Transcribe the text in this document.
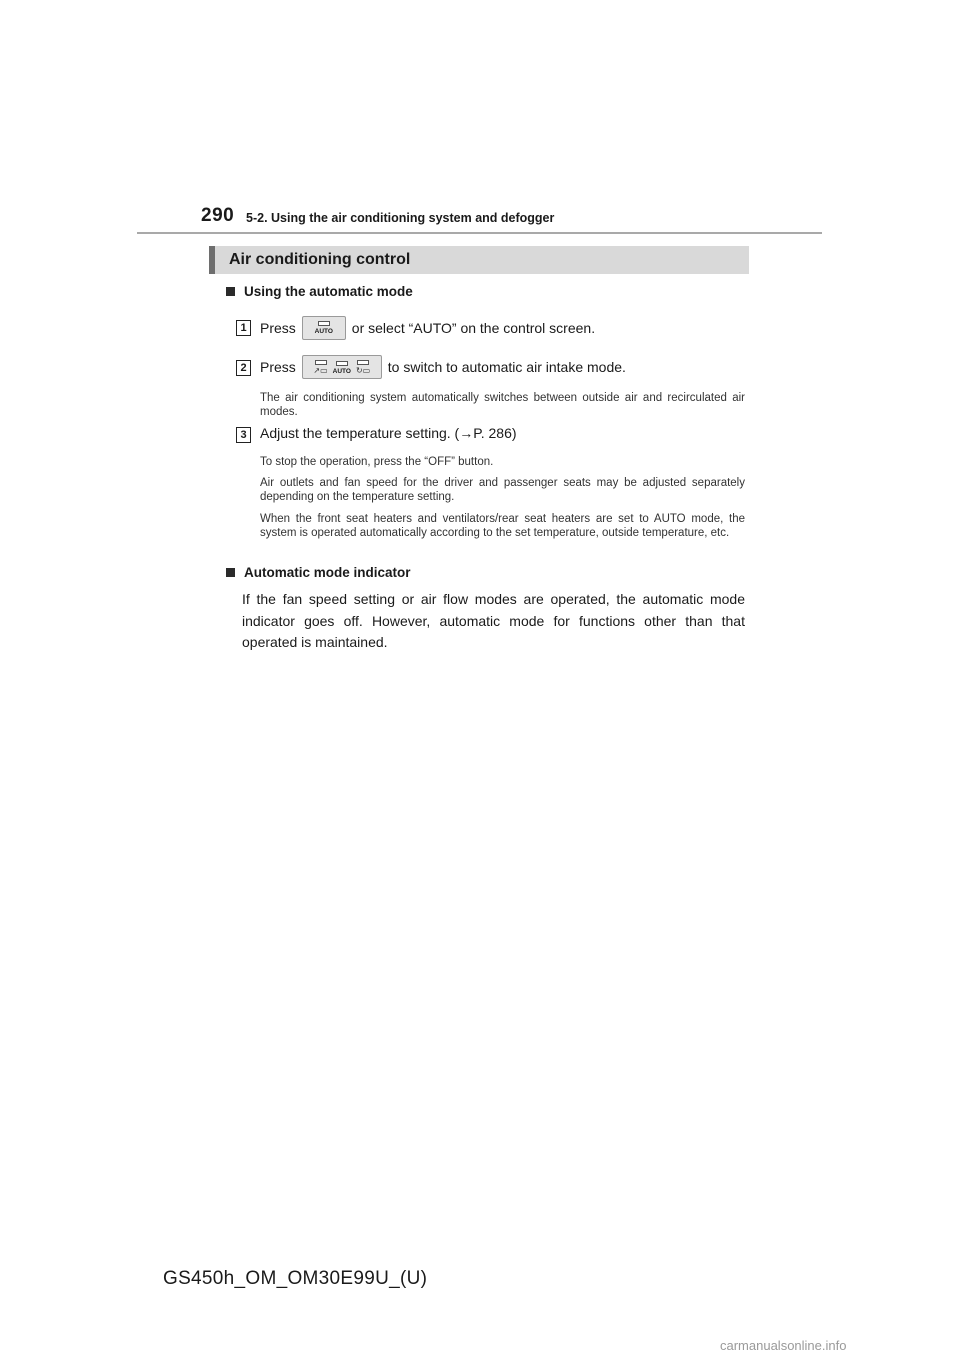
290 5-2. Using the air conditioning system and defogger
Air conditioning control
Using the automatic mode
1 Press	AUTO or select “AUTO” on the control screen.
2 Press ↗▭ AUTO ↻▭ to switch to automatic air intake mode.
The air conditioning system automatically switches between outside air and recirculated air modes.
3 Adjust the temperature setting. (→P. 286)
To stop the operation, press the “OFF” button.
Air outlets and fan speed for the driver and passenger seats may be adjusted separately depending on the temperature setting.
When the front seat heaters and ventilators/rear seat heaters are set to AUTO mode, the system is operated automatically according to the set temperature, outside temperature, etc.
Automatic mode indicator
If the fan speed setting or air flow modes are operated, the automatic mode indicator goes off. However, automatic mode for functions other than that operated is maintained.
GS450h_OM_OM30E99U_(U)
carmanualsonline.info
